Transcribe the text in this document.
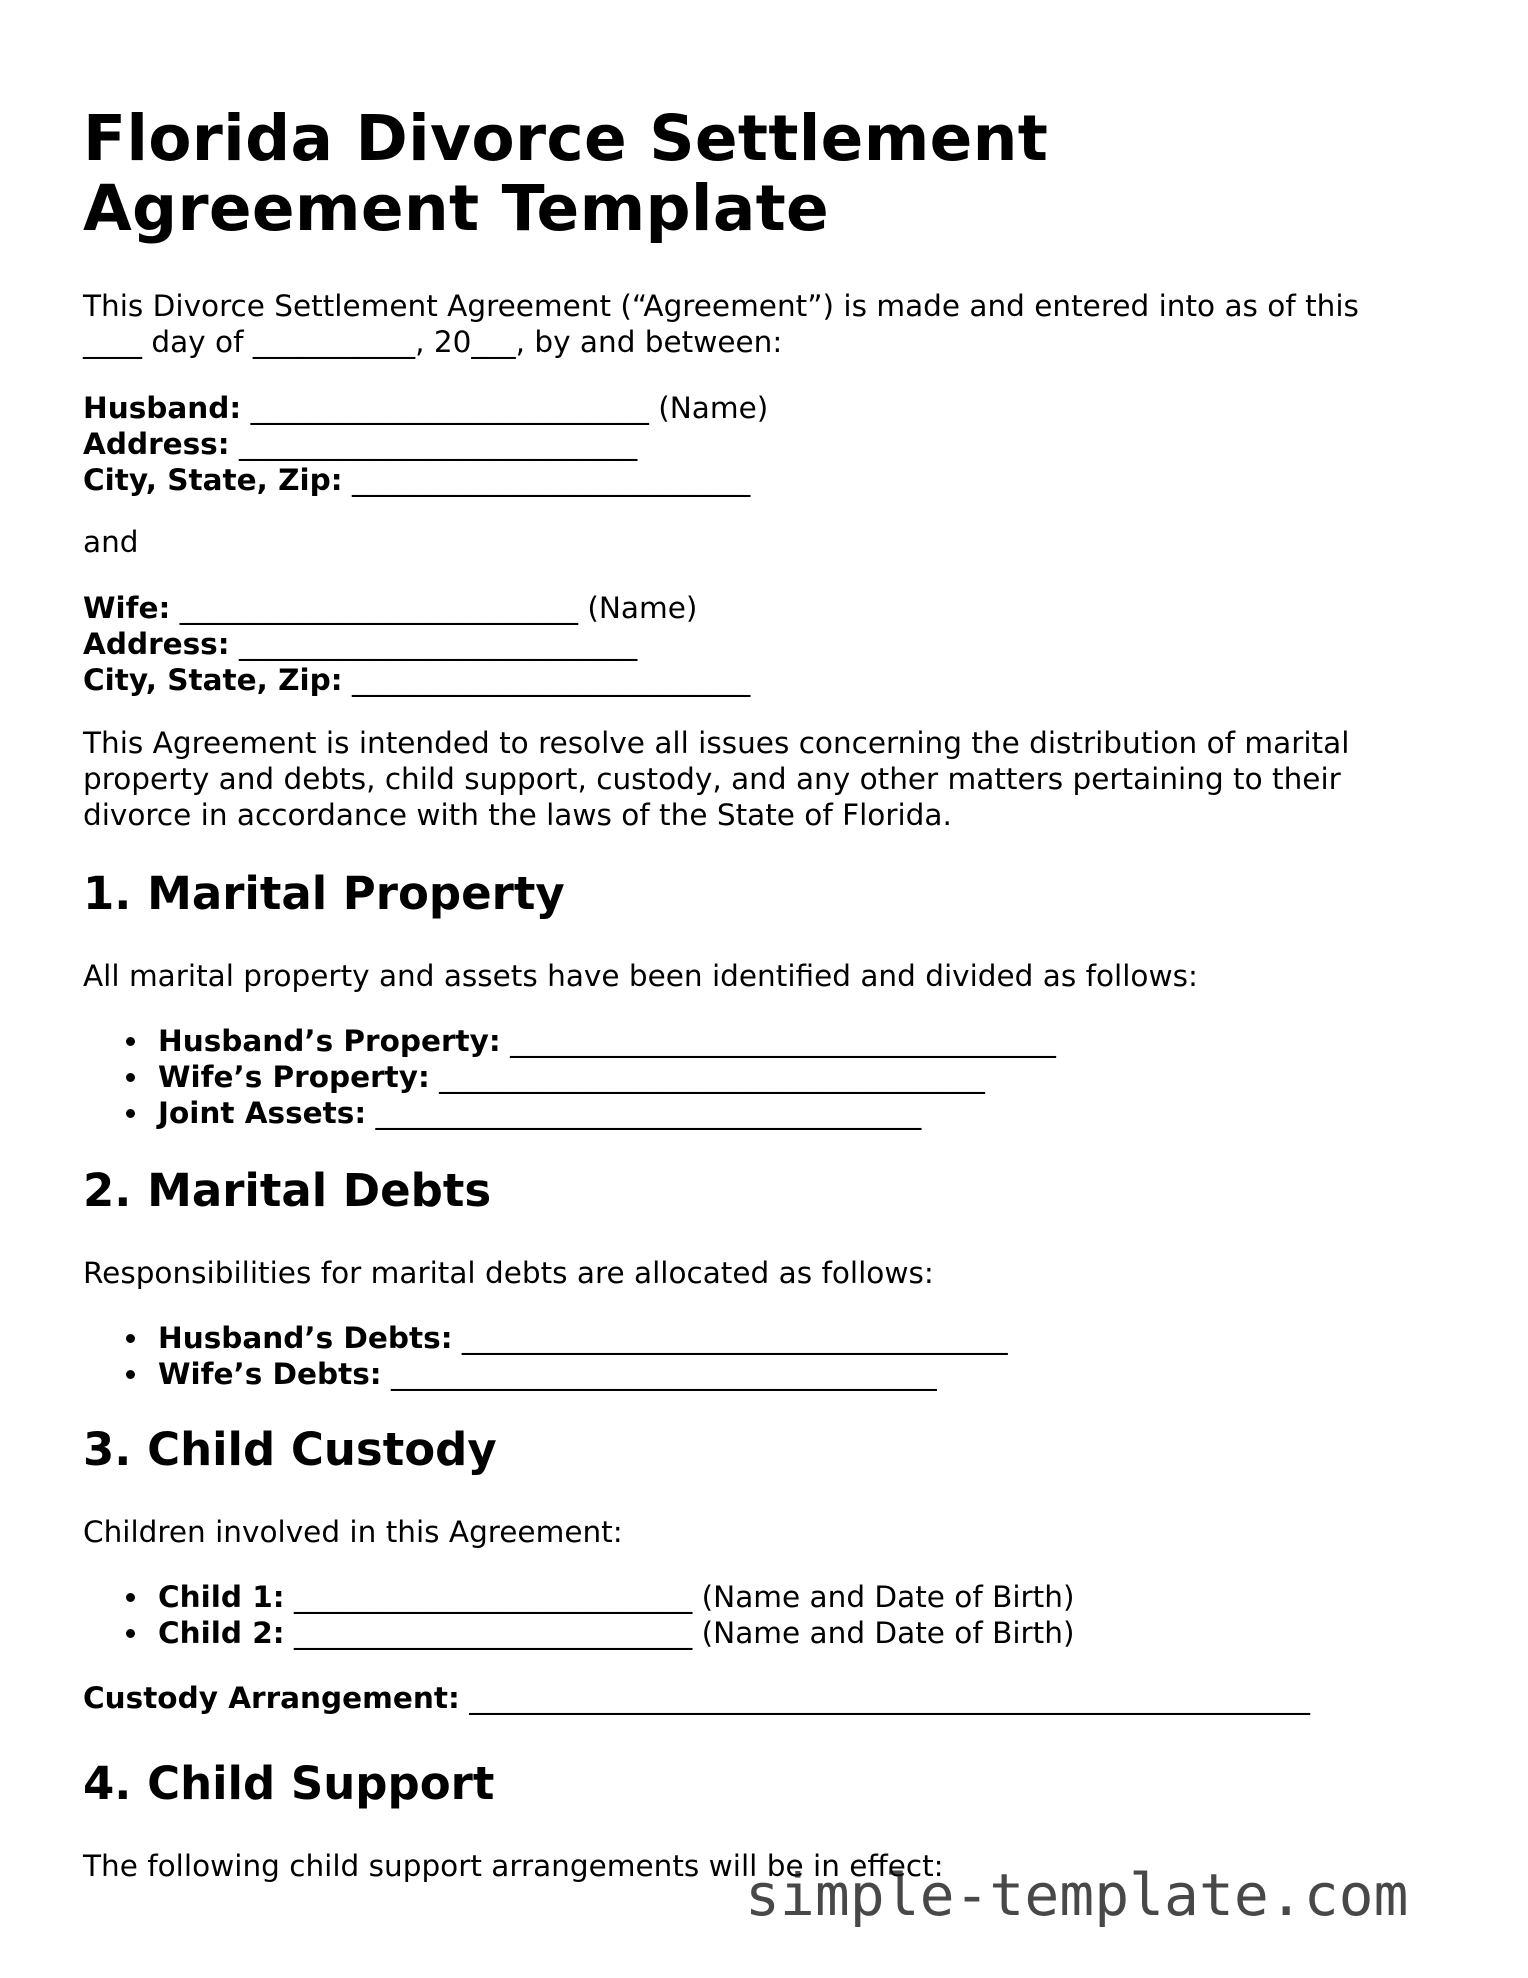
Florida Divorce Settlement Agreement Template

This Divorce Settlement Agreement (“Agreement”) is made and entered into as of this
____ day of ___________, 20___, by and between:

Husband: ___________________________ (Name)
Address: ___________________________
City, State, Zip: ___________________________

and

Wife: ___________________________ (Name)
Address: ___________________________
City, State, Zip: ___________________________

This Agreement is intended to resolve all issues concerning the distribution of marital
property and debts, child support, custody, and any other matters pertaining to their
divorce in accordance with the laws of the State of Florida.

1. Marital Property

All marital property and assets have been identified and divided as follows:

Husband’s Property: _____________________________________
Wife’s Property: _____________________________________
Joint Assets: _____________________________________
2. Marital Debts

Responsibilities for marital debts are allocated as follows:

Husband’s Debts: _____________________________________
Wife’s Debts: _____________________________________
3. Child Custody

Children involved in this Agreement:

Child 1: ___________________________ (Name and Date of Birth)
Child 2: ___________________________ (Name and Date of Birth)
Custody Arrangement: _________________________________________________________
4. Child Support

The following child support arrangements will be in effect:

simple-template.com
